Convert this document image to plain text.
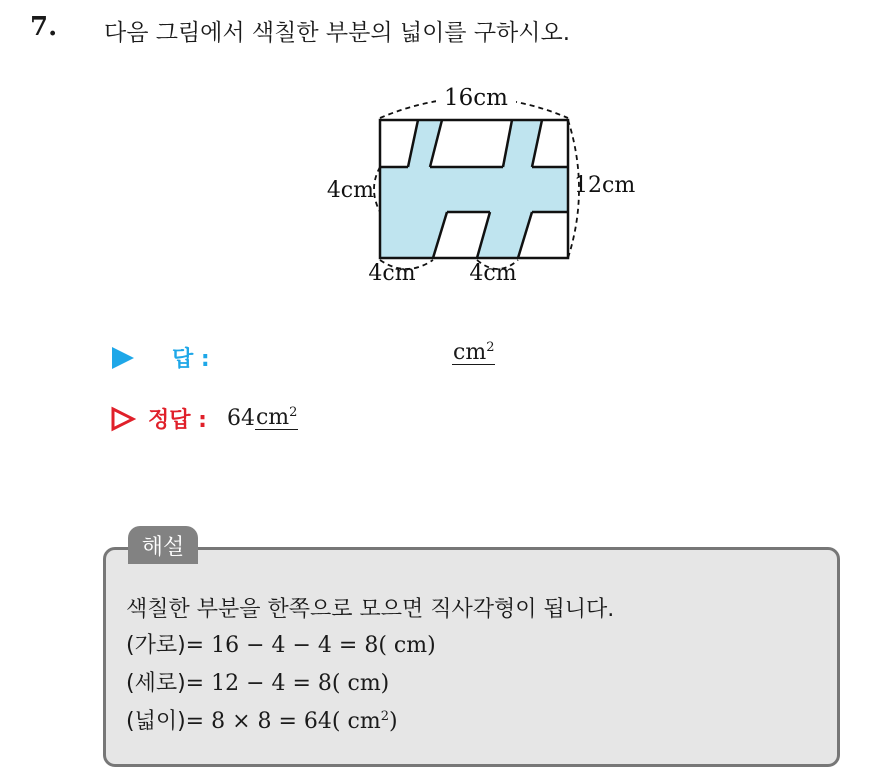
7. 다음 그림에서 색칠한 부분의 넓이를 구하시오.
16cm
4cm	12cm
4cm 4cm
답 :	$cm^2$
정답 : 64 $cm^2$
해설
색칠한 부분을 한쪽으로 모으면 직사각형이 됩니다.
(가로)= 16 − 4 − 4 = 8( cm)
(세로)= 12 − 4 = 8( cm)
(넓이)= 8 × 8 = 64( $cm^2$)
